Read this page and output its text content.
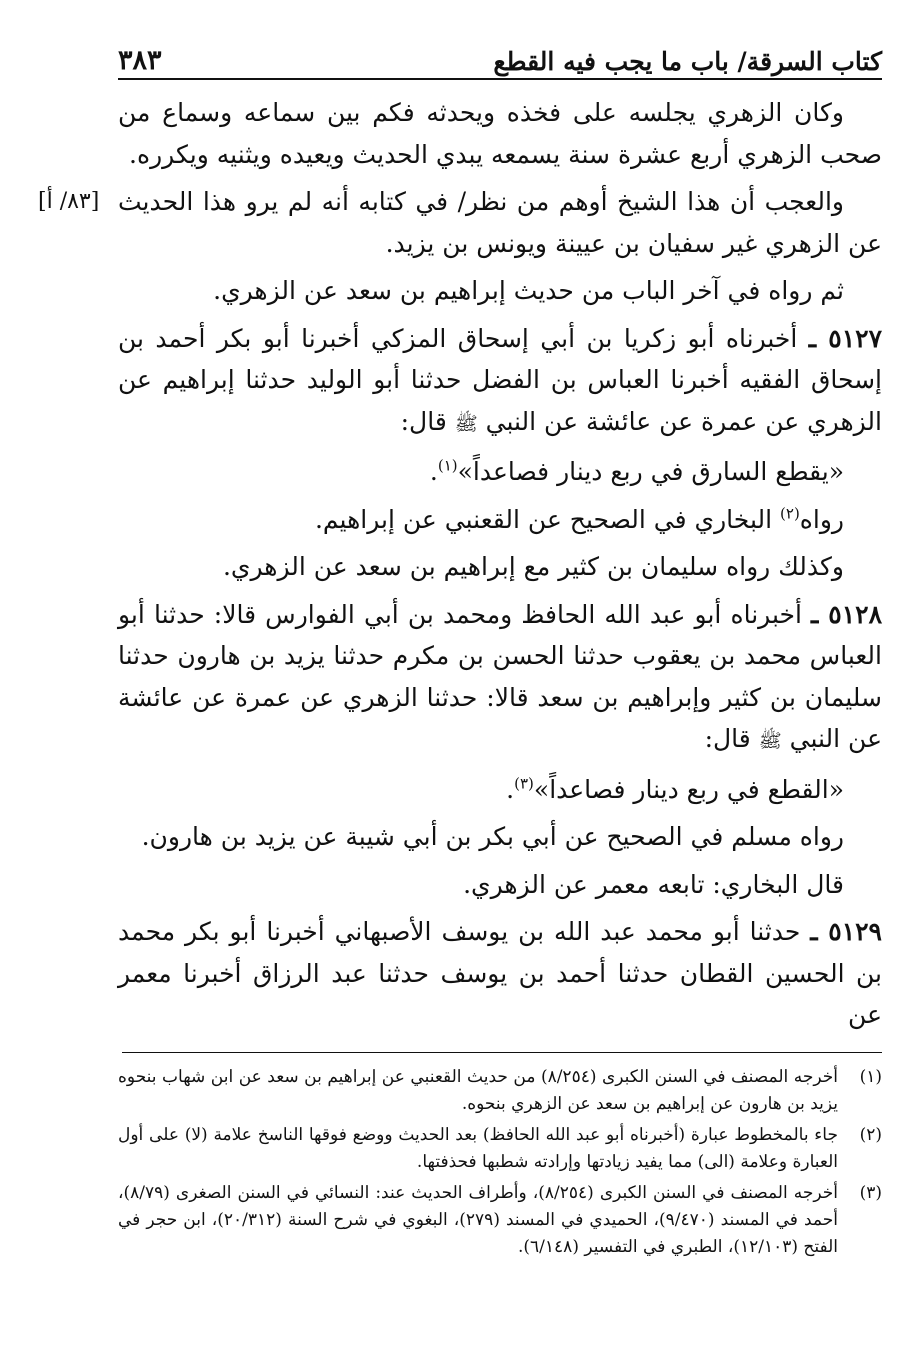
كتاب السرقة/ باب ما يجب فيه القطع
٣٨٣

وكان الزهري يجلسه على فخذه ويحدثه فكم بين سماعه وسماع من صحب الزهري أربع عشرة سنة يسمعه يبدي الحديث ويعيده ويثنيه ويكرره.

[٨٣/ أ] والعجب أن هذا الشيخ أوهم من نظر/ في كتابه أنه لم يرو هذا الحديث عن الزهري غير سفيان بن عيينة ويونس بن يزيد.

ثم رواه في آخر الباب من حديث إبراهيم بن سعد عن الزهري.

٥١٢٧ ـ أخبرناه أبو زكريا بن أبي إسحاق المزكي أخبرنا أبو بكر أحمد بن إسحاق الفقيه أخبرنا العباس بن الفضل حدثنا أبو الوليد حدثنا إبراهيم عن الزهري عن عمرة عن عائشة عن النبي ﷺ قال:

«يقطع السارق في ربع دينار فصاعداً»$^{(١)}$.

رواه$^{(٢)}$ البخاري في الصحيح عن القعنبي عن إبراهيم.

وكذلك رواه سليمان بن كثير مع إبراهيم بن سعد عن الزهري.

٥١٢٨ ـ أخبرناه أبو عبد الله الحافظ ومحمد بن أبي الفوارس قالا: حدثنا أبو العباس محمد بن يعقوب حدثنا الحسن بن مكرم حدثنا يزيد بن هارون حدثنا سليمان بن كثير وإبراهيم بن سعد قالا: حدثنا الزهري عن عمرة عن عائشة عن النبي ﷺ قال:

«القطع في ربع دينار فصاعداً»$^{(٣)}$.

رواه مسلم في الصحيح عن أبي بكر بن أبي شيبة عن يزيد بن هارون.

قال البخاري: تابعه معمر عن الزهري.

٥١٢٩ ـ حدثنا أبو محمد عبد الله بن يوسف الأصبهاني أخبرنا أبو بكر محمد بن الحسين القطان حدثنا أحمد بن يوسف حدثنا عبد الرزاق أخبرنا معمر عن

(١)
أخرجه المصنف في السنن الكبرى (٨/٢٥٤) من حديث القعنبي عن إبراهيم بن سعد عن ابن شهاب بنحوه يزيد بن هارون عن إبراهيم بن سعد عن الزهري بنحوه.
(٢)
جاء بالمخطوط عبارة (أخبرناه أبو عبد الله الحافظ) بعد الحديث ووضع فوقها الناسخ علامة (لا) على أول العبارة وعلامة (الى) مما يفيد زيادتها وإرادته شطبها فحذفتها.
(٣)
أخرجه المصنف في السنن الكبرى (٨/٢٥٤)، وأطراف الحديث عند: النسائي في السنن الصغرى (٨/٧٩)، أحمد في المسند (٩/٤٧٠)، الحميدي في المسند (٢٧٩)، البغوي في شرح السنة (٢٠/٣١٢)، ابن حجر في الفتح (١٢/١٠٣)، الطبري في التفسير (٦/١٤٨).
